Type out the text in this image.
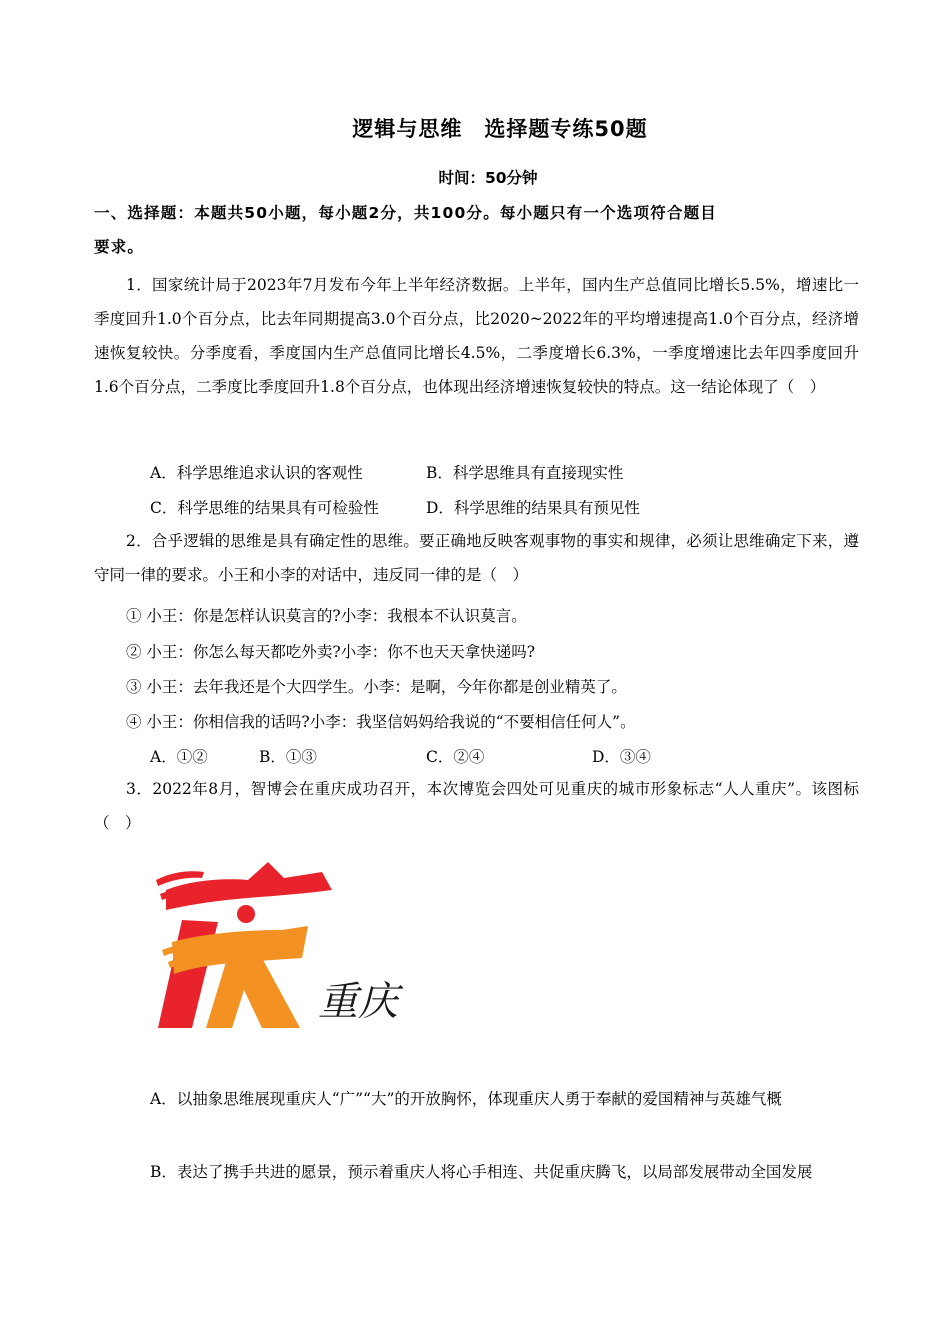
逻辑与思维　选择题专练50题
时间：50分钟
一、选择题：本题共50小题，每小题2分，共100分。每小题只有一个选项符合题目
要求。
1．国家统计局于2023年7月发布今年上半年经济数据。上半年，国内生产总值同比增长5.5%，增速比一季度回升1.0个百分点，比去年同期提高3.0个百分点，比2020~2022年的平均增速提高1.0个百分点，经济增速恢复较快。分季度看，季度国内生产总值同比增长4.5%，二季度增长6.3%，一季度增速比去年四季度回升1.6个百分点，二季度比季度回升1.8个百分点，也体现出经济增速恢复较快的特点。这一结论体现了（　）
A．科学思维追求认识的客观性	B．科学思维具有直接现实性
C．科学思维的结果具有可检验性	D．科学思维的结果具有预见性
2．合乎逻辑的思维是具有确定性的思维。要正确地反映客观事物的事实和规律，必须让思维确定下来，遵守同一律的要求。小王和小李的对话中，违反同一律的是（　）
① 小王：你是怎样认识莫言的?小李：我根本不认识莫言。
② 小王：你怎么每天都吃外卖?小李：你不也天天拿快递吗?
③ 小王：去年我还是个大四学生。小李：是啊，今年你都是创业精英了。
④ 小王：你相信我的话吗?小李：我坚信妈妈给我说的“不要相信任何人”。
A．①②	B．①③	C．②④	D．③④
3．2022年8月，智博会在重庆成功召开，本次博览会四处可见重庆的城市形象标志“人人重庆”。该图标（　）
重庆
A．以抽象思维展现重庆人“广”“大”的开放胸怀，体现重庆人勇于奉献的爱国精神与英雄气概
B．表达了携手共进的愿景，预示着重庆人将心手相连、共促重庆腾飞，以局部发展带动全国发展
